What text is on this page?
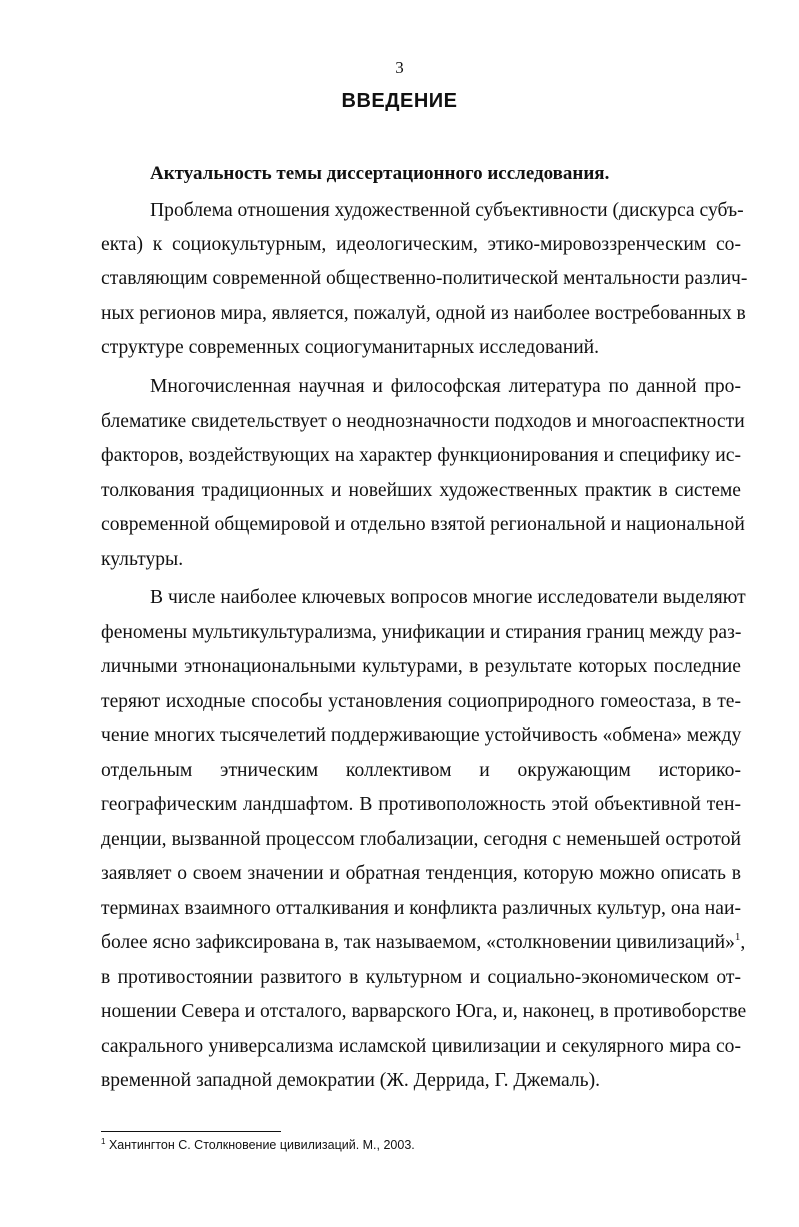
3
ВВЕДЕНИЕ
Актуальность темы диссертационного исследования.
Проблема отношения художественной субъективности (дискурса субъ-
екта) к социокультурным, идеологическим, этико-мировоззренческим со-
ставляющим современной общественно-политической ментальности различ-
ных регионов мира, является, пожалуй, одной из наиболее востребованных в
структуре современных социогуманитарных исследований.
Многочисленная научная и философская литература по данной про-
блематике свидетельствует о неоднозначности подходов и многоаспектности
факторов, воздействующих на характер функционирования и специфику ис-
толкования традиционных и новейших художественных практик в системе
современной общемировой и отдельно взятой региональной и национальной
культуры.
В числе наиболее ключевых вопросов многие исследователи выделяют
феномены мультикультурализма, унификации и стирания границ между раз-
личными этнонациональными культурами, в результате которых последние
теряют исходные способы установления социоприродного гомеостаза, в те-
чение многих тысячелетий поддерживающие устойчивость «обмена» между
отдельным этническим коллективом и окружающим историко-
географическим ландшафтом. В противоположность этой объективной тен-
денции, вызванной процессом глобализации, сегодня с неменьшей остротой
заявляет о своем значении и обратная тенденция, которую можно описать в
терминах взаимного отталкивания и конфликта различных культур, она наи-
более ясно зафиксирована в, так называемом, «столкновении цивилизаций»$^1$,
в противостоянии развитого в культурном и социально-экономическом от-
ношении Севера и отсталого, варварского Юга, и, наконец, в противоборстве
сакрального универсализма исламской цивилизации и секулярного мира со-
временной западной демократии (Ж. Деррида, Г. Джемаль).
$^1$ Хантингтон С. Столкновение цивилизаций. М., 2003.
